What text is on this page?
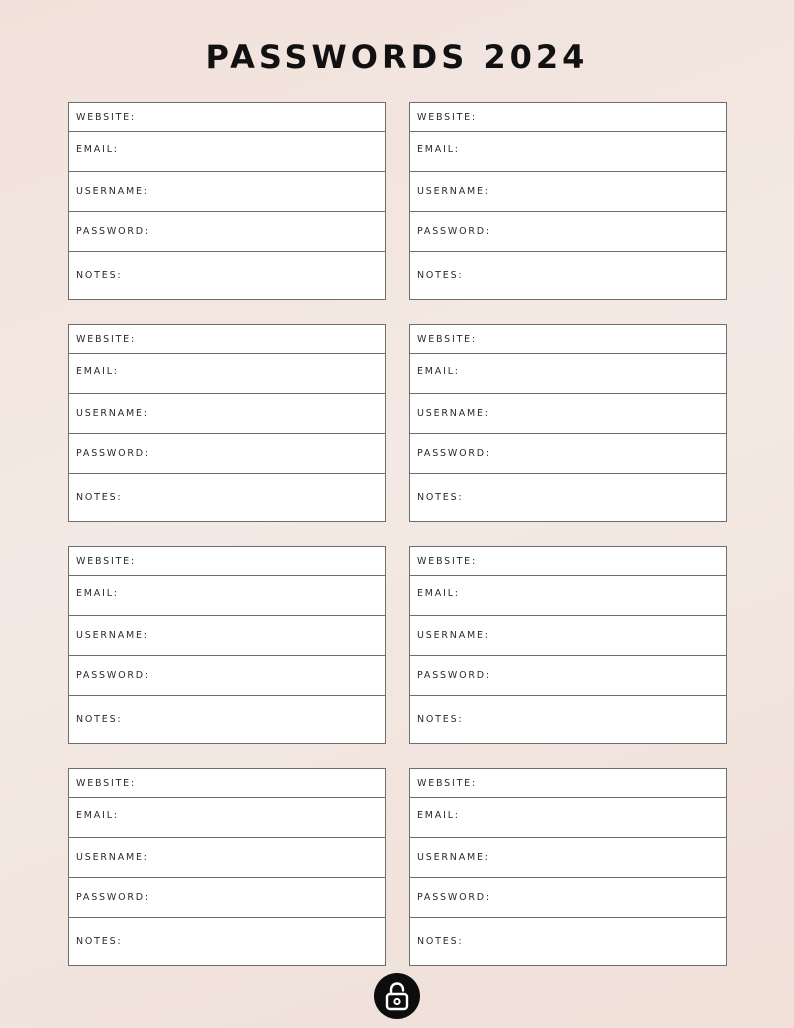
PASSWORDS 2024
WEBSITE:
EMAIL:
USERNAME:
PASSWORD:
NOTES:
WEBSITE:
EMAIL:
USERNAME:
PASSWORD:
NOTES:
WEBSITE:
EMAIL:
USERNAME:
PASSWORD:
NOTES:
WEBSITE:
EMAIL:
USERNAME:
PASSWORD:
NOTES:
WEBSITE:
EMAIL:
USERNAME:
PASSWORD:
NOTES:
WEBSITE:
EMAIL:
USERNAME:
PASSWORD:
NOTES:
WEBSITE:
EMAIL:
USERNAME:
PASSWORD:
NOTES:
WEBSITE:
EMAIL:
USERNAME:
PASSWORD:
NOTES:
